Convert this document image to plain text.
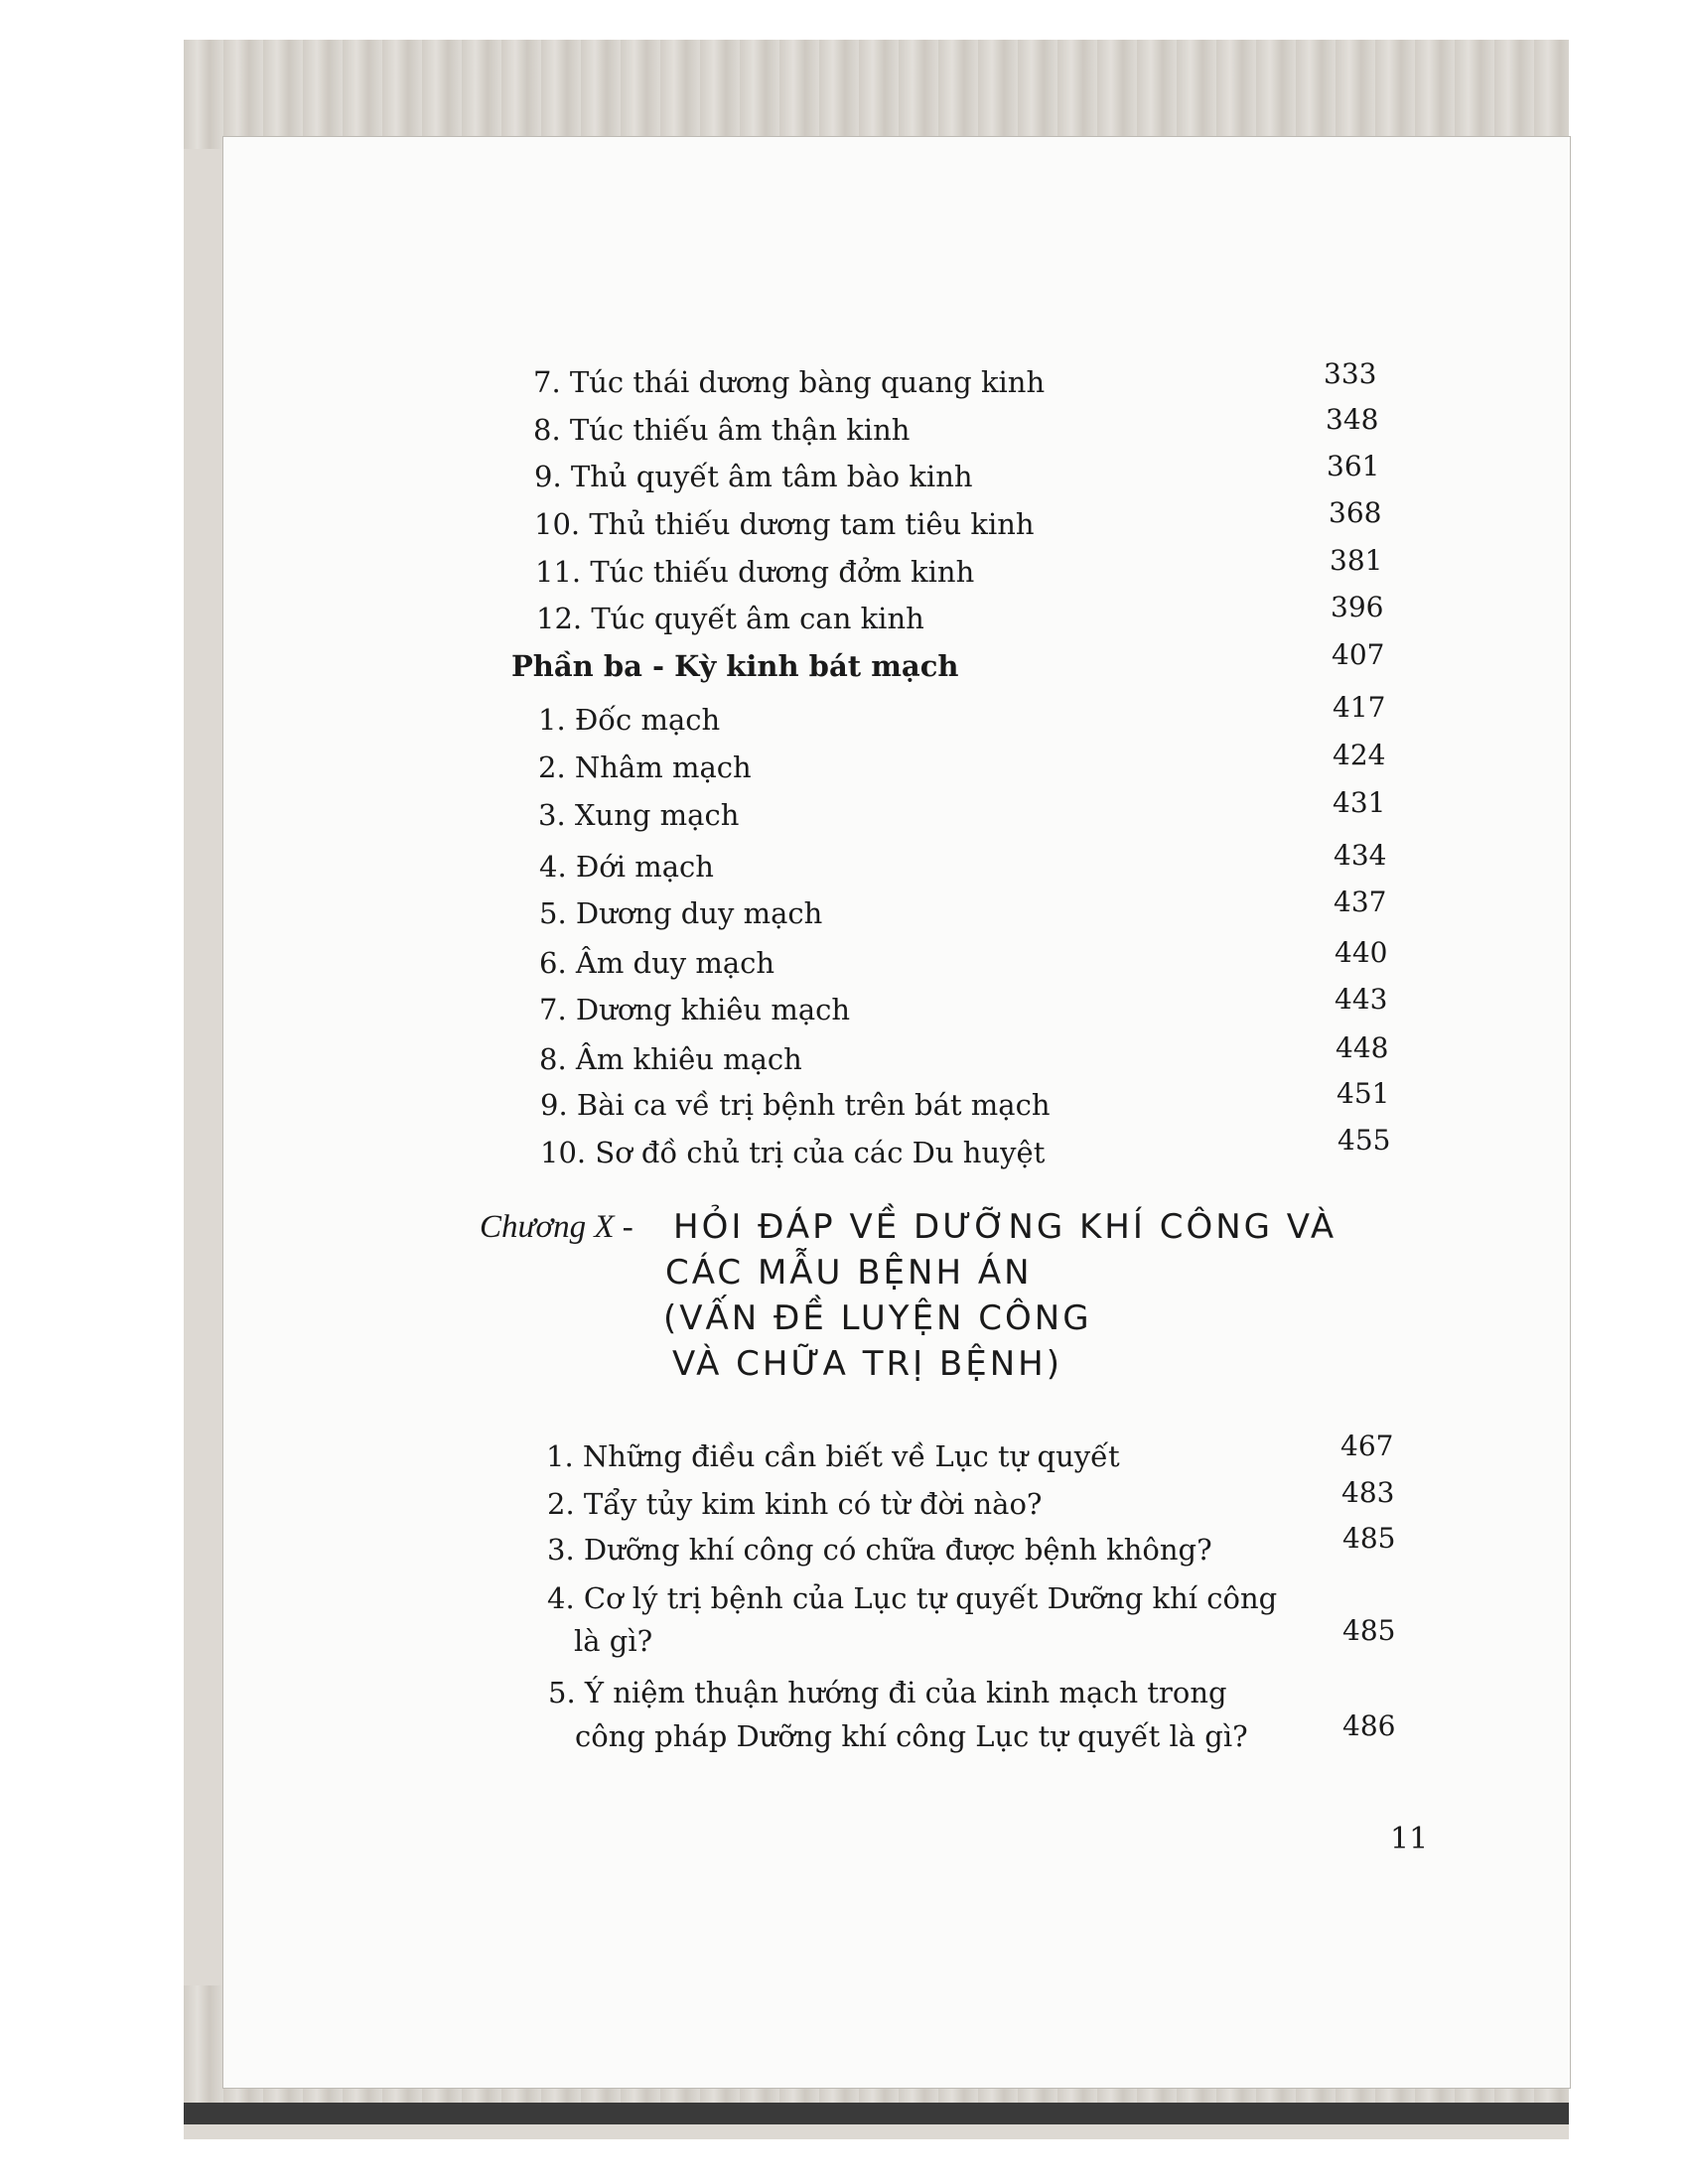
7. Túc thái dương bàng quang kinh	333
8. Túc thiếu âm thận kinh	348
9. Thủ quyết âm tâm bào kinh	361
10. Thủ thiếu dương tam tiêu kinh	368
11. Túc thiếu dương đởm kinh	381
12. Túc quyết âm can kinh	396
Phần ba - Kỳ kinh bát mạch	407
1. Đốc mạch	417
2. Nhâm mạch	424
3. Xung mạch	431
4. Đới mạch	434
5. Dương duy mạch	437
6. Âm duy mạch	440
7. Dương khiêu mạch	443
8. Âm khiêu mạch	448
9. Bài ca về trị bệnh trên bát mạch	451
10. Sơ đồ chủ trị của các Du huyệt	455
Chương X - HỎI ĐÁP VỀ DƯỠNG KHÍ CÔNG VÀ
CÁC MẪU BỆNH ÁN
(VẤN ĐỀ LUYỆN CÔNG
VÀ CHỮA TRỊ BỆNH)
1. Những điều cần biết về Lục tự quyết	467
2. Tẩy tủy kim kinh có từ đời nào?	483
3. Dưỡng khí công có chữa được bệnh không?	485
4. Cơ lý trị bệnh của Lục tự quyết Dưỡng khí công
là gì?	485
5. Ý niệm thuận hướng đi của kinh mạch trong
công pháp Dưỡng khí công Lục tự quyết là gì?	486
11
